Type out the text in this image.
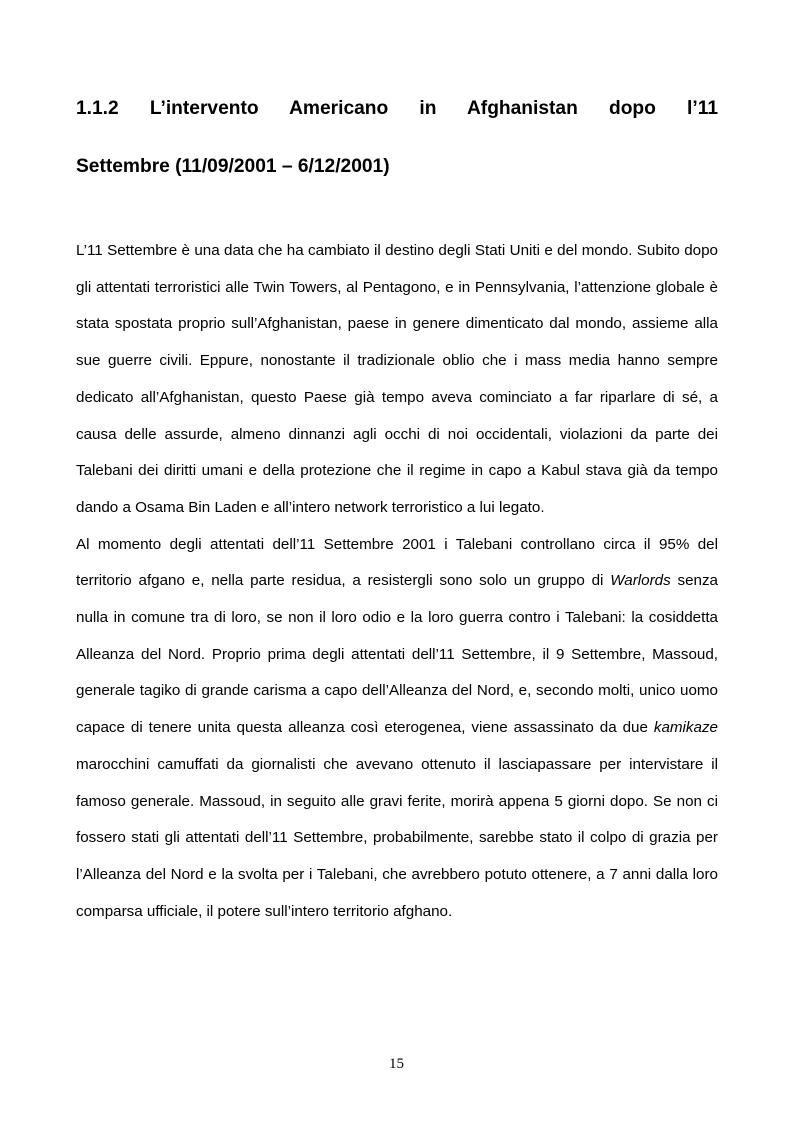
1.1.2 L’intervento Americano in Afghanistan dopo l’11
Settembre (11/09/2001 – 6/12/2001)

L’11 Settembre è una data che ha cambiato il destino degli Stati Uniti e del mondo. Subito dopo gli attentati terroristici alle Twin Towers, al Pentagono, e in Pennsylvania, l’attenzione globale è stata spostata proprio sull’Afghanistan, paese in genere dimenticato dal mondo, assieme alla sue guerre civili. Eppure, nonostante il tradizionale oblio che i mass media hanno sempre dedicato all’Afghanistan, questo Paese già tempo aveva cominciato a far riparlare di sé, a causa delle assurde, almeno dinnanzi agli occhi di noi occidentali, violazioni da parte dei Talebani dei diritti umani e della protezione che il regime in capo a Kabul stava già da tempo dando a Osama Bin Laden e all’intero network terroristico a lui legato.

Al momento degli attentati dell’11 Settembre 2001 i Talebani controllano circa il 95% del territorio afgano e, nella parte residua, a resistergli sono solo un gruppo di Warlords senza nulla in comune tra di loro, se non il loro odio e la loro guerra contro i Talebani: la cosiddetta Alleanza del Nord. Proprio prima degli attentati dell’11 Settembre, il 9 Settembre, Massoud, generale tagiko di grande carisma a capo dell’Alleanza del Nord, e, secondo molti, unico uomo capace di tenere unita questa alleanza così eterogenea, viene assassinato da due kamikaze marocchini camuffati da giornalisti che avevano ottenuto il lasciapassare per intervistare il famoso generale. Massoud, in seguito alle gravi ferite, morirà appena 5 giorni dopo. Se non ci fossero stati gli attentati dell’11 Settembre, probabilmente, sarebbe stato il colpo di grazia per l’Alleanza del Nord e la svolta per i Talebani, che avrebbero potuto ottenere, a 7 anni dalla loro comparsa ufficiale, il potere sull’intero territorio afghano.

15
